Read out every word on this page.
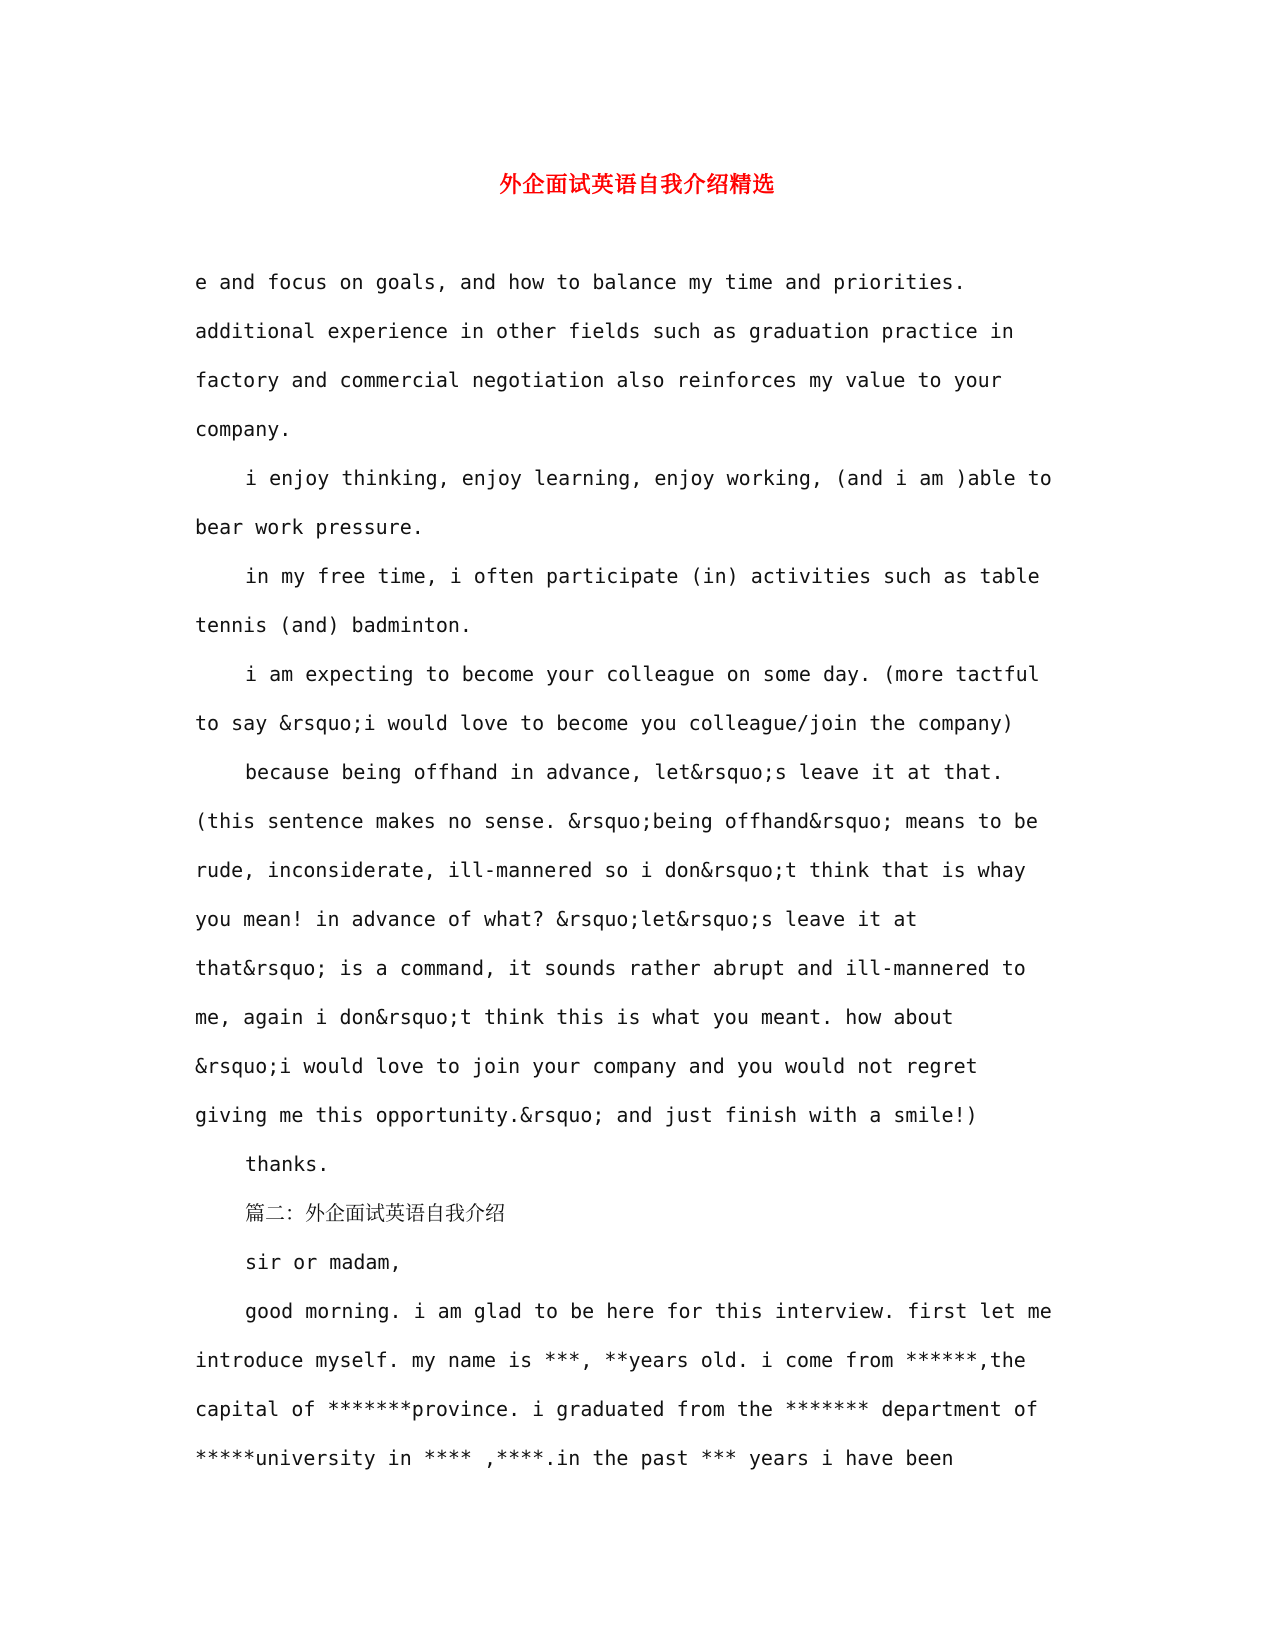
外企面试英语自我介绍精选
e and focus on goals, and how to balance my time and priorities.
additional experience in other fields such as graduation practice in
factory and commercial negotiation also reinforces my value to your
company.
i enjoy thinking, enjoy learning, enjoy working, (and i am )able to
bear work pressure.
in my free time, i often participate (in) activities such as table
tennis (and) badminton.
i am expecting to become your colleague on some day. (more tactful
to say &rsquo;i would love to become you colleague/join the company)
because being offhand in advance, let&rsquo;s leave it at that.
(this sentence makes no sense. &rsquo;being offhand&rsquo; means to be
rude, inconsiderate, ill-mannered so i don&rsquo;t think that is whay
you mean! in advance of what? &rsquo;let&rsquo;s leave it at
that&rsquo; is a command, it sounds rather abrupt and ill-mannered to
me, again i don&rsquo;t think this is what you meant. how about
&rsquo;i would love to join your company and you would not regret
giving me this opportunity.&rsquo; and just finish with a smile!)
thanks.
篇二：外企面试英语自我介绍
sir or madam,
good morning. i am glad to be here for this interview. first let me
introduce myself. my name is ***, **years old. i come from ******,the
capital of *******province. i graduated from the ******* department of
*****university in **** ,****.in the past *** years i have been
